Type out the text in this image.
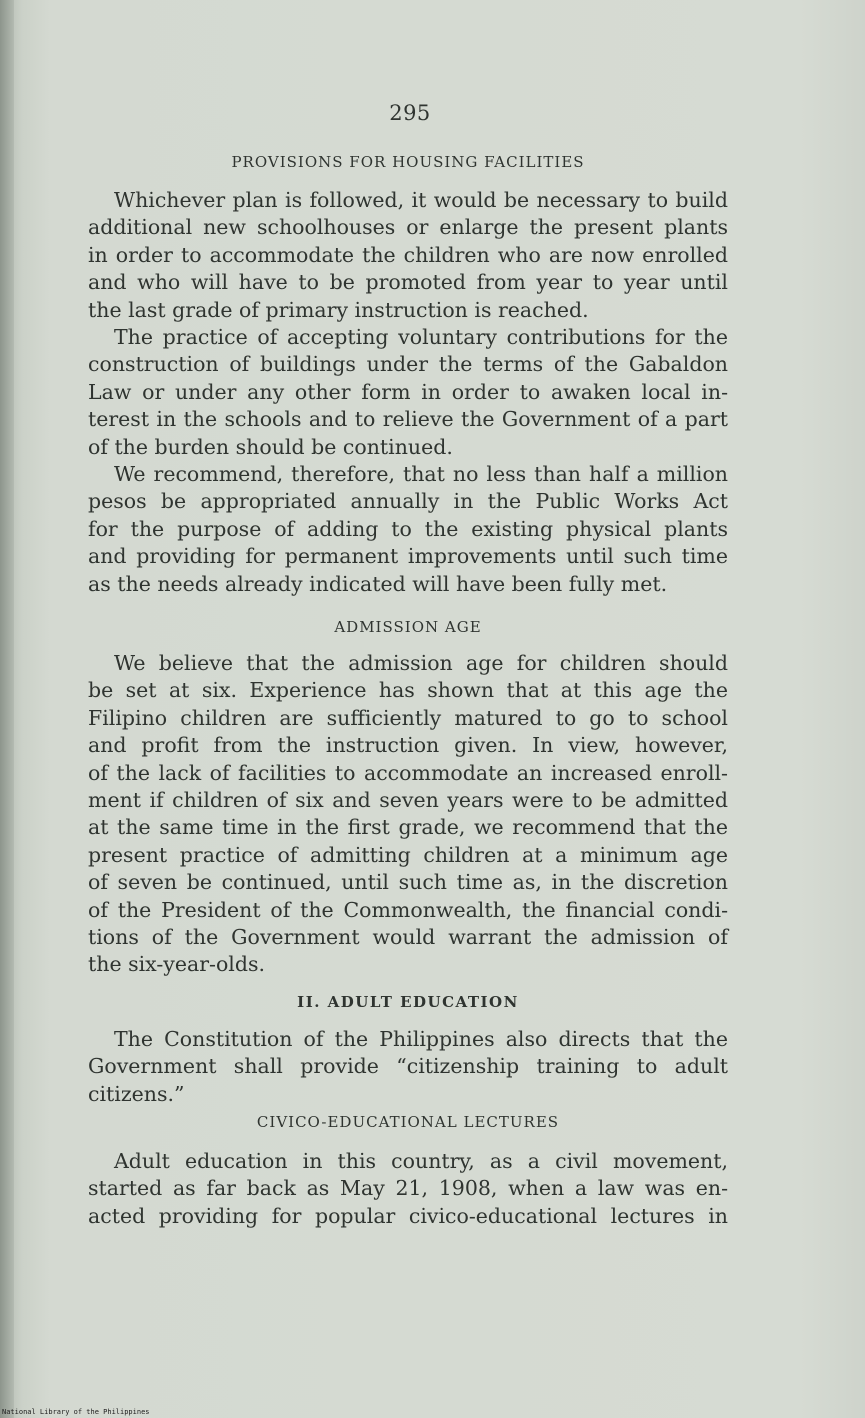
295
PROVISIONS FOR HOUSING FACILITIES

Whichever plan is followed, it would be necessary to build
additional new schoolhouses or enlarge the present plants
in order to accommodate the children who are now enrolled
and who will have to be promoted from year to year until
the last grade of primary instruction is reached.

The practice of accepting voluntary contributions for the
construction of buildings under the terms of the Gabaldon
Law or under any other form in order to awaken local in-
terest in the schools and to relieve the Government of a part
of the burden should be continued.

We recommend, therefore, that no less than half a million
pesos be appropriated annually in the Public Works Act
for the purpose of adding to the existing physical plants
and providing for permanent improvements until such time
as the needs already indicated will have been fully met.

ADMISSION AGE

We believe that the admission age for children should
be set at six. Experience has shown that at this age the
Filipino children are sufficiently matured to go to school
and profit from the instruction given. In view, however,
of the lack of facilities to accommodate an increased enroll-
ment if children of six and seven years were to be admitted
at the same time in the first grade, we recommend that the
present practice of admitting children at a minimum age
of seven be continued, until such time as, in the discretion
of the President of the Commonwealth, the financial condi-
tions of the Government would warrant the admission of
the six-year-olds.

II. ADULT EDUCATION

The Constitution of the Philippines also directs that the
Government shall provide “citizenship training to adult
citizens.”

CIVICO-EDUCATIONAL LECTURES

Adult education in this country, as a civil movement,
started as far back as May 21, 1908, when a law was en-
acted providing for popular civico-educational lectures in

National Library of the Philippines
